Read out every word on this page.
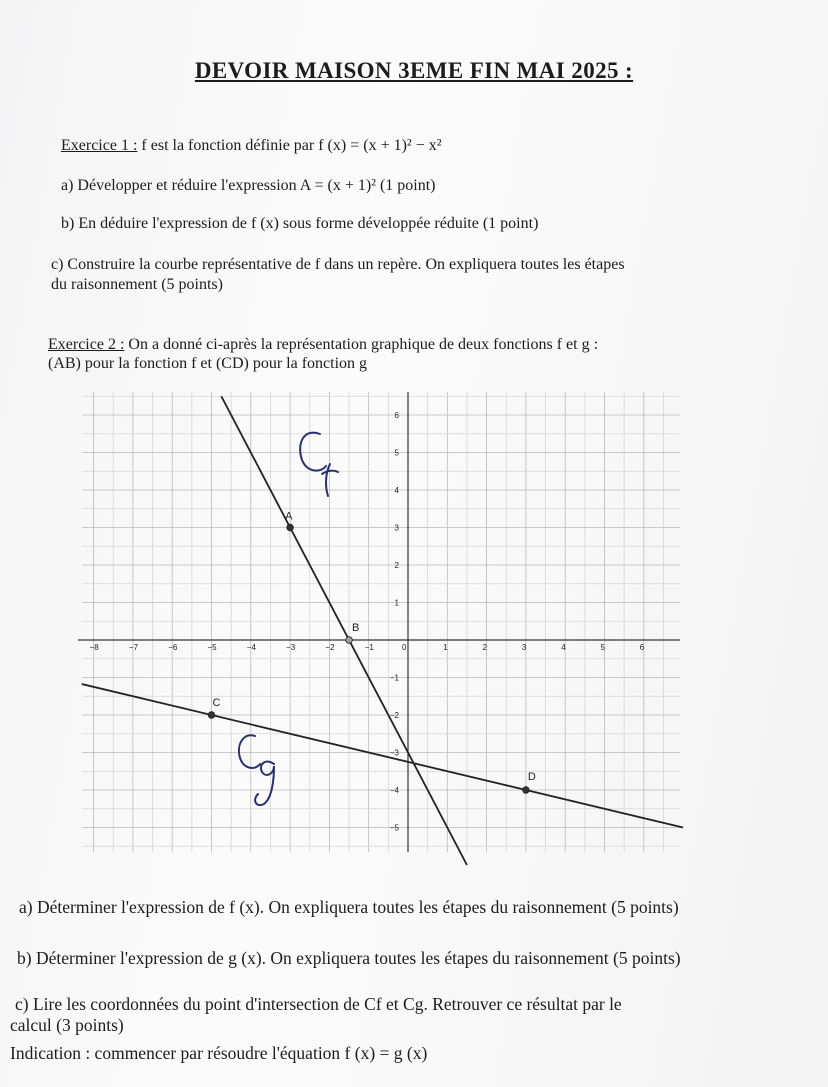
DEVOIR MAISON 3EME FIN MAI 2025 :
Exercice 1 : f est la fonction définie par f (x) = (x + 1)² − x²
a) Développer et réduire l'expression A = (x + 1)² (1 point)
b) En déduire l'expression de f (x) sous forme développée réduite (1 point)
c) Construire la courbe représentative de f dans un repère. On expliquera toutes les étapes
du raisonnement (5 points)
Exercice 2 : On a donné ci-après la représentation graphique de deux fonctions f et g :
(AB) pour la fonction f et (CD) pour la fonction g
−8	−7	−6	−5	−4	−3	−2	−1	0	1	2	3	4	5	6
−5
−4
−3
−2
−1
1
2
3
4
5
6
A
B
C
D
a) Déterminer l'expression de f (x). On expliquera toutes les étapes du raisonnement (5 points)
b) Déterminer l'expression de g (x). On expliquera toutes les étapes du raisonnement (5 points)
c) Lire les coordonnées du point d'intersection de Cf et Cg. Retrouver ce résultat par le
calcul (3 points)
Indication : commencer par résoudre l'équation f (x) = g (x)
